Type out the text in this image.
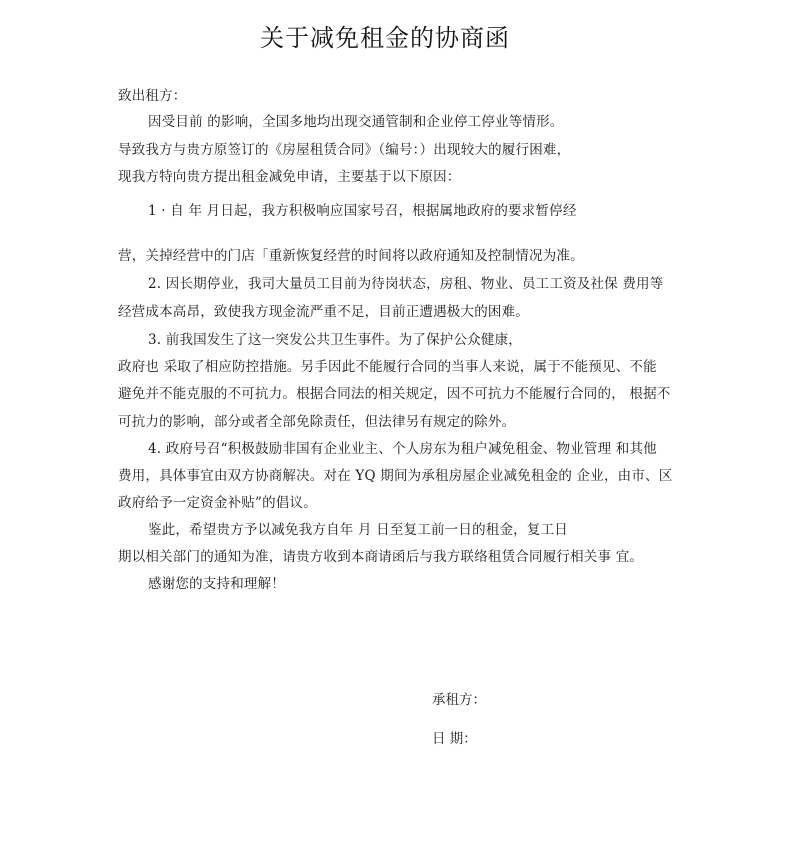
关于减免租金的协商函
致出租方：
因受目前 的影响，全国多地均出现交通管制和企业停工停业等情形。
导致我方与贵方原签订的《房屋租赁合同》（编号：）出现较大的履行困难，
现我方特向贵方提出租金减免申请，主要基于以下原因：
1 · 自 年 月日起，我方积极响应国家号召，根据属地政府的要求暂停经
营，关掉经营中的门店「重新恢复经营的时间将以政府通知及控制情况为准。
2. 因长期停业，我司大量员工目前为待岗状态，房租、物业、员工工资及社保 费用等
经营成本高昂，致使我方现金流严重不足，目前正遭遇极大的困难。
3. 前我国发生了这一突发公共卫生事件。为了保护公众健康，
政府也 采取了相应防控措施。另手因此不能履行合同的当事人来说，属于不能预见、不能
避免并不能克服的不可抗力。根据合同法的相关规定，因不可抗力不能履行合同的， 根据不
可抗力的影响，部分或者全部免除责任，但法律另有规定的除外。
4. 政府号召“积极鼓励非国有企业业主、个人房东为租户减免租金、物业管理 和其他
费用，具体事宜由双方协商解决。对在 YQ 期间为承租房屋企业减免租金的 企业，由市、区
政府给予一定资金补贴”的倡议。
鉴此，希望贵方予以减免我方自年 月 日至复工前一日的租金，复工日
期以相关部门的通知为准，请贵方收到本商请函后与我方联络租赁合同履行相关事 宜。
感谢您的支持和理解！
承租方：
日 期：
